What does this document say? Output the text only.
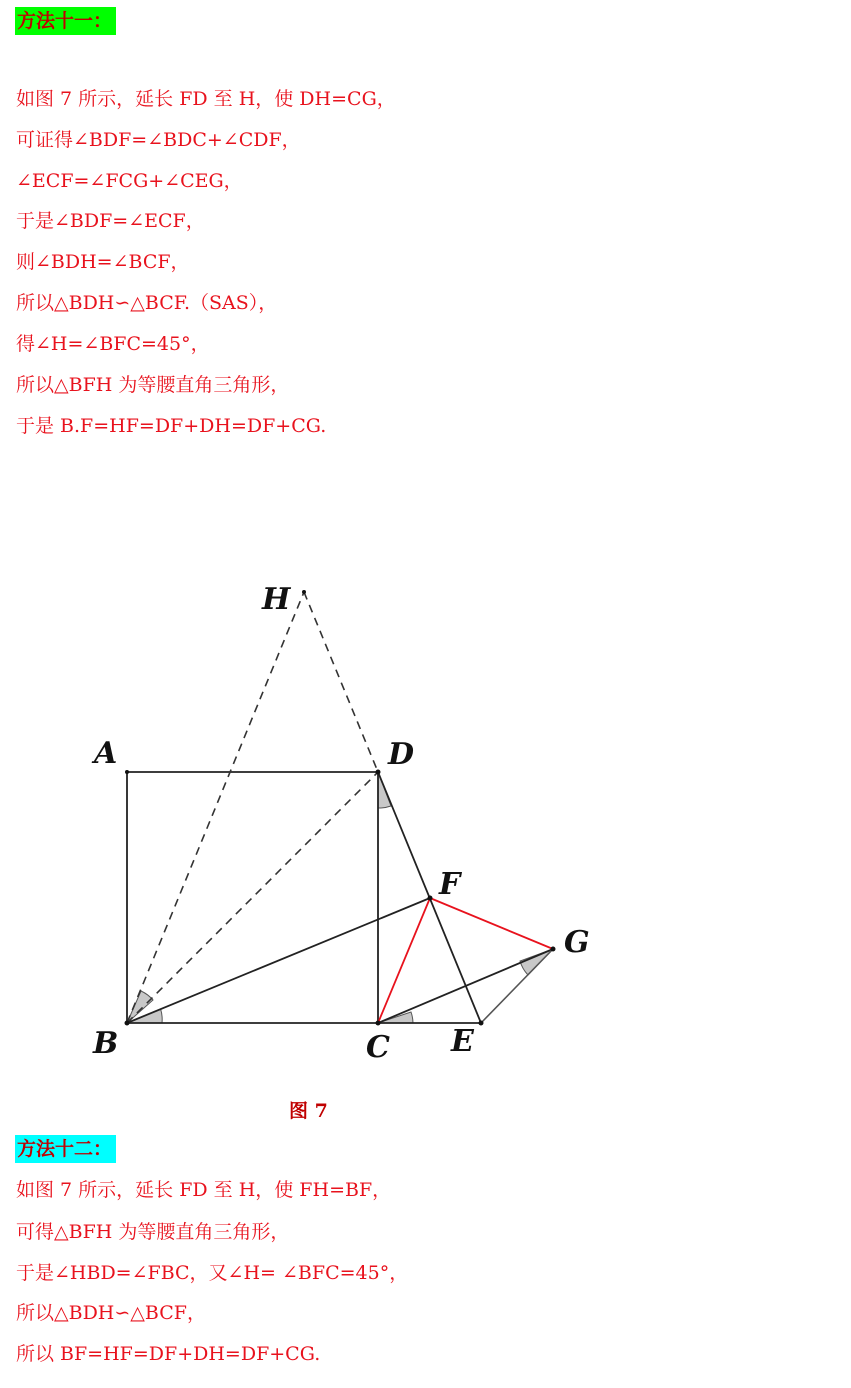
方法十一：
如图 7 所示，延长 FD 至 H，使 DH=CG，
可证得∠BDF=∠BDC+∠CDF，
∠ECF=∠FCG+∠CEG，
于是∠BDF=∠ECF，
则∠BDH=∠BCF，
所以△BDH∽△BCF.（SAS），
得∠H=∠BFC=45°，
所以△BFH 为等腰直角三角形，
于是 B.F=HF=DF+DH=DF+CG.
H
A	D
F
G
B	C E
图 7
方法十二：
如图 7 所示，延长 FD 至 H，使 FH=BF，
可得△BFH 为等腰直角三角形，
于是∠HBD=∠FBC，又∠H= ∠BFC=45°，
所以△BDH∽△BCF，
所以 BF=HF=DF+DH=DF+CG.
